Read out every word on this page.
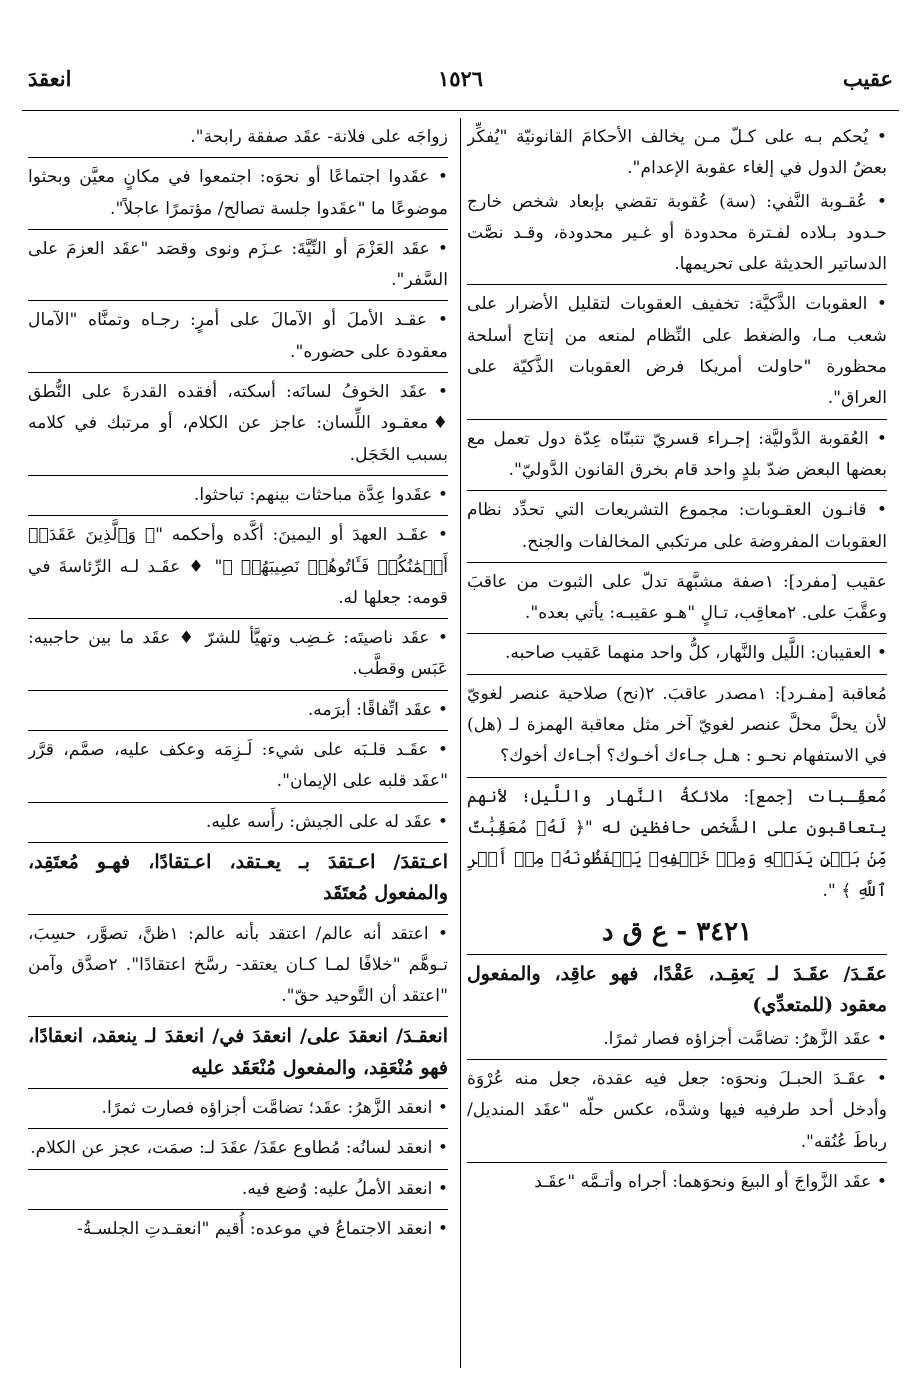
عقيب
١٥٢٦
انعقدَ

• يُحكم بـه على كـلّ مـن يخالف الأحكامَ القانونيّة "يُفكِّر بعضُ الدول في إلغاء عقوبة الإعدام".

• عُقـوبة النَّفي: (سة) عُقوبة تقضي بإبعاد شخص خارج حـدود بـلاده لفـترة محدودة أو غـير محدودة، وقـد نصَّت الدساتير الحديثة على تحريمها.

• العقوبات الذَّكيَّة: تخفيف العقوبات لتقليل الأضرار على شعب مـا، والضغط على النِّظام لمنعه من إنتاج أسلحة محظورة "حاولت أمريكا فرض العقوبات الذَّكيّة على العراق".

• العُقوبة الدَّوليَّة: إجـراء قسريّ تتبنّاه عِدّة دول تعمل مع بعضها البعض ضدّ بلدٍ واحد قام بخرق القانون الدَّوليّ".

• قانـون العقـوبات: مجموع التشريعات التي تحدِّد نظام العقوبات المفروضة على مرتكبي المخالفات والجنح.

عقيب [مفرد]: ١صفة مشبَّهة تدلّ على الثبوت من عاقبَ وعقَّبَ على. ٢معاقِب، تـالٍ "هـو عقيبـه: يأتي بعده".

• العقيبان: اللَّيل والنَّهار، كلُّ واحد منهما عَقيب صاحبه.

مُعاقبة [مفـرد]: ١مصدر عاقبَ. ٢(نح) صلاحية عنصر لغويّ لأن يحلَّ محلَّ عنصر لغويّ آخر مثل معاقبة الهمزة لـ (هل) في الاستفهام نحـو : هـل جـاءك أخـوك؟ أجـاءك أخوك؟

مُعقِّـبات [جمع]: ملائكةُ النَّهار واللَّيل؛ لأنهم يتعاقبون على الشَّخص حافظين له "﴿ لَهُۥ مُعَقِّبَٰتٌ مِّنۢ بَيۡنِ يَدَيۡهِ وَمِنۡ خَلۡفِهِۦ يَحۡفَظُونَهُۥ مِنۡ أَمۡرِ ٱللَّهِ ﴾ ".

٣٤٢١ - ع ق د

عقَـدَ/ عقَـدَ لـ يَعقِـد، عَقْدًا، فهو عاقِد، والمفعول معقود (للمتعدِّي)

• عقَد الزَّهرُ: تضامَّت أجزاؤه فصار ثمرًا.

• عقَـدَ الحبـلَ ونحوَه: جعل فيه عقدة، جعل منه عُرْوَة وأدخل أحد طرفيه فيها وشدَّه، عكس حلّه "عقَد المنديل/ رباطَ عُنُقه".

• عقَد الزَّواجَ أو البيعَ ونحوَهما: أجراه وأتـمَّه "عقَـد

زواجَه على فلانة- عقَد صفقة رابحة".

• عقَدوا اجتماعًا أو نحوَه: اجتمعوا في مكانٍ معيَّن وبحثوا موضوعًا ما "عقَدوا جلسة تصالح/ مؤتمرًا عاجلاً".

• عقَد العَزْمَ أو النِّيَّةَ: عـزَم ونوى وقصَد "عقَد العزمَ على السَّفر".

• عقـد الأملَ أو الآمالَ على أمرٍ: رجـاه وتمنَّاه "الآمال معقودة على حضوره".

• عقَد الخوفُ لسانَه: أسكته، أفقده القدرةَ على النُّطق ♦معقـود اللِّسان: عاجز عن الكلام، أو مرتبك في كلامه بسبب الخَجَل.

• عقَدوا عِدَّة مباحثات بينهم: تباحثوا.

• عقَـد العهدَ أو اليمينَ: أكَّده وأحكمه "﴿ وَٱلَّذِينَ عَقَدَتۡ أَيۡمَٰنُكُمۡ فَـَٔاتُوهُمۡ نَصِيبَهُمۡ ﴾" ♦ عقَـد لـه الرِّئاسةَ في قومه: جعلها له.

• عقَد ناصيتَه: غـضِب وتهيَّأ للشرّ ♦ عقَد ما بين حاجبيه: عَبَس وقطَّب.

• عقَد اتِّفاقًا: أبرَمه.

• عقَـد قلـبَه على شيء: لَـزِمَه وعكف عليه، صمَّم، قرَّر "عقَد قلبه على الإيمان".

• عقَد له على الجيش: رأَسه عليه.

اعـتقدَ/ اعـتقدَ بـ يعـتقد، اعـتقادًا، فهـو مُعتَقِد، والمفعول مُعتَقَد

• اعتقد أنه عالم/ اعتقد بأنه عالم: ١ظنَّ، تصوَّر، حسِبَ، تـوهَّم "خلافًا لمـا كـان يعتقد- رسَّخ اعتقادًا". ٢صدَّق وآمن "اعتقد أن التَّوحيد حقّ".

انعقـدَ/ انعقدَ على/ انعقدَ في/ انعقدَ لـ ينعقد، انعقادًا، فهو مُنْعَقِد، والمفعول مُنْعَقَد عليه

• انعقد الزَّهرُ: عقَد؛ تضامَّت أجزاؤه فصارت ثمرًا.

• انعقد لسانُه: مُطاوع عقَدَ/ عقَدَ لـ: صمَت، عجز عن الكلام.

• انعقد الأملُ عليه: وُضع فيه.

• انعقد الاجتماعُ في موعده: أُقيم "انعقـدتِ الجلسـةُ-
